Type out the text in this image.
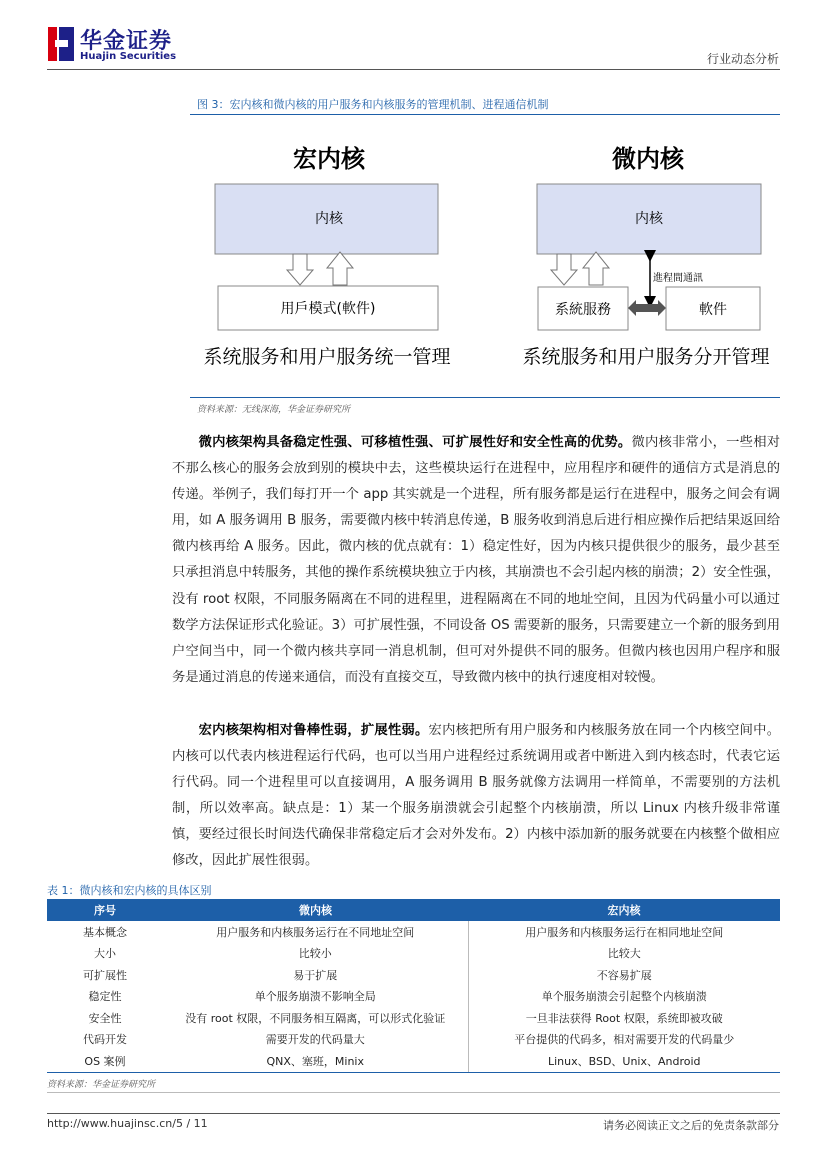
华金证券
Huajin Securities	行业动态分析
图 3：宏内核和微内核的用户服务和内核服务的管理机制、进程通信机制
宏内核
内核
用戶模式(軟件)
系统服务和用户服务统一管理
微内核
内核
進程間通訊
系統服務	軟件
系统服务和用户服务分开管理
资料来源：无线深海，华金证券研究所

微内核架构具备稳定性强、可移植性强、可扩展性好和安全性高的优势。微内核非常小，一些相对不那么核心的服务会放到别的模块中去，这些模块运行在进程中，应用程序和硬件的通信方式是消息的传递。举例子，我们每打开一个 app 其实就是一个进程，所有服务都是运行在进程中，服务之间会有调用，如 A 服务调用 B 服务，需要微内核中转消息传递，B 服务收到消息后进行相应操作后把结果返回给微内核再给 A 服务。因此，微内核的优点就有：1）稳定性好，因为内核只提供很少的服务，最少甚至只承担消息中转服务，其他的操作系统模块独立于内核，其崩溃也不会引起内核的崩溃；2）安全性强，没有 root 权限，不同服务隔离在不同的进程里，进程隔离在不同的地址空间，且因为代码量小可以通过数学方法保证形式化验证。3）可扩展性强，不同设备 OS 需要新的服务，只需要建立一个新的服务到用户空间当中，同一个微内核共享同一消息机制，但可对外提供不同的服务。但微内核也因用户程序和服务是通过消息的传递来通信，而没有直接交互，导致微内核中的执行速度相对较慢。

宏内核架构相对鲁棒性弱，扩展性弱。宏内核把所有用户服务和内核服务放在同一个内核空间中。内核可以代表内核进程运行代码，也可以当用户进程经过系统调用或者中断进入到内核态时，代表它运行代码。同一个进程里可以直接调用，A 服务调用 B 服务就像方法调用一样简单，不需要别的方法机制，所以效率高。缺点是：1）某一个服务崩溃就会引起整个内核崩溃，所以 Linux 内核升级非常谨慎，要经过很长时间迭代确保非常稳定后才会对外发布。2）内核中添加新的服务就要在内核整个做相应修改，因此扩展性很弱。

表 1：微内核和宏内核的具体区别
序号	微内核	宏内核
基本概念	用户服务和内核服务运行在不同地址空间	用户服务和内核服务运行在相同地址空间
大小	比较小	比较大
可扩展性	易于扩展	不容易扩展
稳定性	单个服务崩溃不影响全局	单个服务崩溃会引起整个内核崩溃
安全性	没有 root 权限，不同服务相互隔离，可以形式化验证	一旦非法获得 Root 权限，系统即被攻破
代码开发	需要开发的代码量大	平台提供的代码多，相对需要开发的代码量少
OS 案例	QNX、塞班，Minix	Linux、BSD、Unix、Android
资料来源：华金证券研究所
http://www.huajinsc.cn/5 / 11	请务必阅读正文之后的免责条款部分
